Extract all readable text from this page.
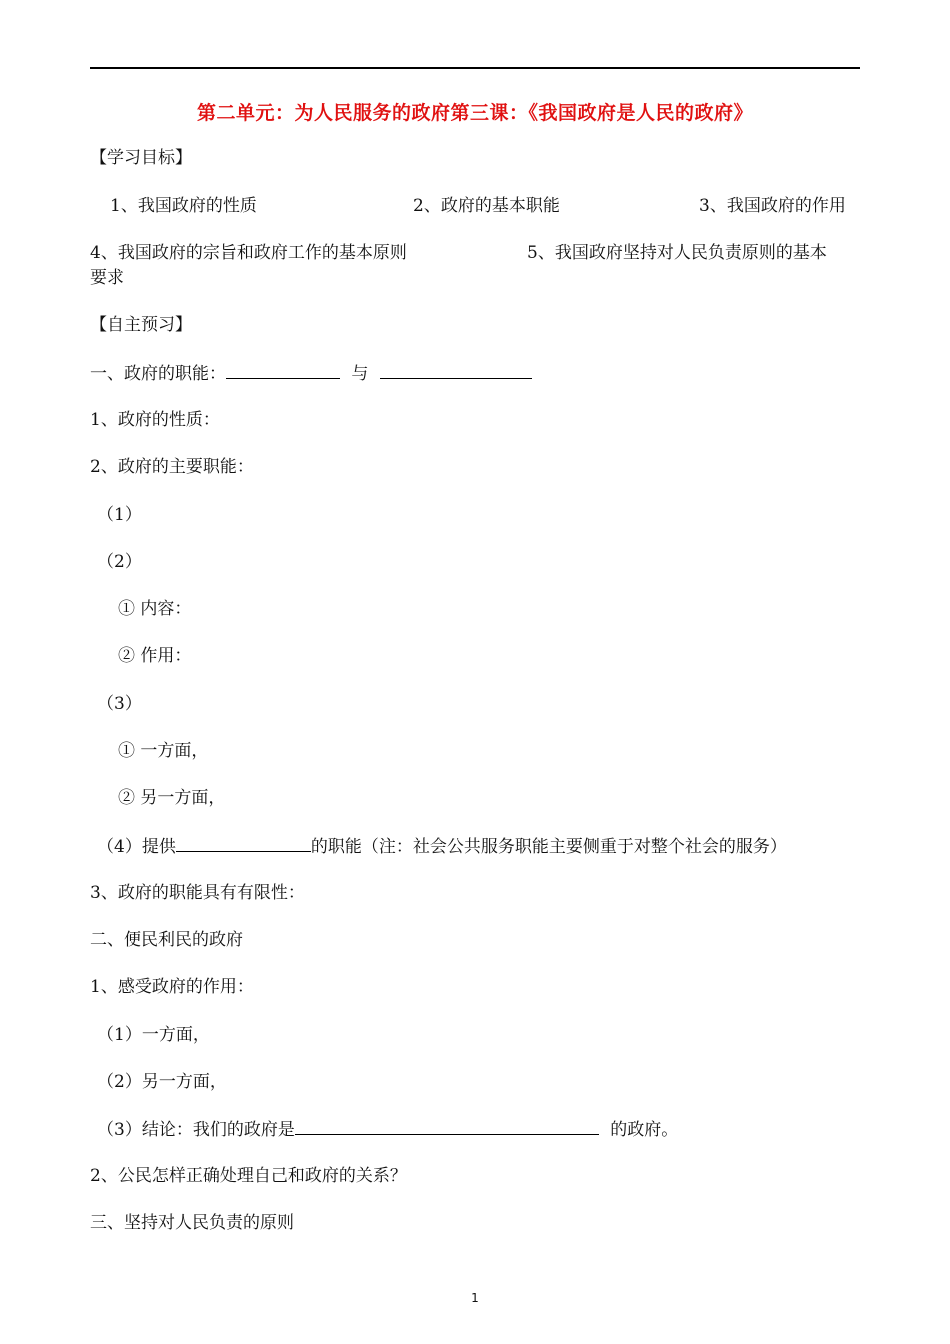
第二单元：为人民服务的政府第三课：《我国政府是人民的政府》
【学习目标】
1、我国政府的性质	2、政府的基本职能	3、我国政府的作用
4、我国政府的宗旨和政府工作的基本原则	5、我国政府坚持对人民负责原则的基本
要求
【自主预习】
一、政府的职能：	与
1、政府的性质：
2、政府的主要职能：
（1）
（2）
① 内容：
② 作用：
（3）
① 一方面，
② 另一方面，
（4）提供	的职能（注：社会公共服务职能主要侧重于对整个社会的服务）
3、政府的职能具有有限性：
二、便民利民的政府
1、感受政府的作用：
（1）一方面，
（2）另一方面，
（3）结论：我们的政府是	的政府。
2、公民怎样正确处理自己和政府的关系？
三、坚持对人民负责的原则
1
